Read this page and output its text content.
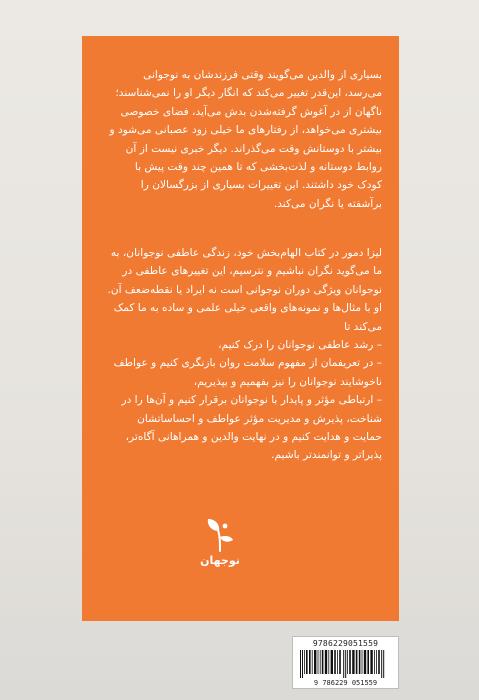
بسیاری از والدین می‌گویند وقتی فرزندشان به نوجوانی
می‌رسد، این‌قدر تغییر می‌کند که انگار دیگر او را نمی‌شناسند؛
ناگهان از در آغوش گرفته‌شدن بدش می‌آید، فضای خصوصی
بیشتری می‌خواهد، از رفتارهای ما خیلی زود عصبانی می‌شود و
بیشتر با دوستانش وقت می‌گذراند. دیگر خبری نیست از آن
روابط دوستانه و لذت‌بخشی که تا همین چند وقت پیش با
کودک خود داشتند. این تغییرات بسیاری از بزرگسالان را
برآشفته یا نگران می‌کند.

لیزا دمور در کتاب الهام‌بخش خود، زندگی عاطفی نوجوانان، به
ما می‌گوید نگران نباشیم و نترسیم، این تغییرهای عاطفی در
نوجوانان ویژگی دوران نوجوانی است نه ایراد یا نقطه‌ضعف آن.
او با مثال‌ها و نمونه‌های واقعی خیلی علمی و ساده به ما کمک
می‌کند تا
– رشد عاطفی نوجوانان را درک کنیم،
– در تعریفمان از مفهوم سلامت روان بازنگری کنیم و عواطف
ناخوشایند نوجوانان را نیز بفهمیم و بپذیریم،
– ارتباطی مؤثر و پایدار با نوجوانان برقرار کنیم و آن‌ها را در
شناخت، پذیرش و مدیریت مؤثر عواطف و احساساتشان
حمایت و هدایت کنیم و در نهایت والدین و همراهانی آگاه‌تر،
پذیراتر و توانمندتر باشیم.

نوجهان
9786229051559
9 786229 051559
